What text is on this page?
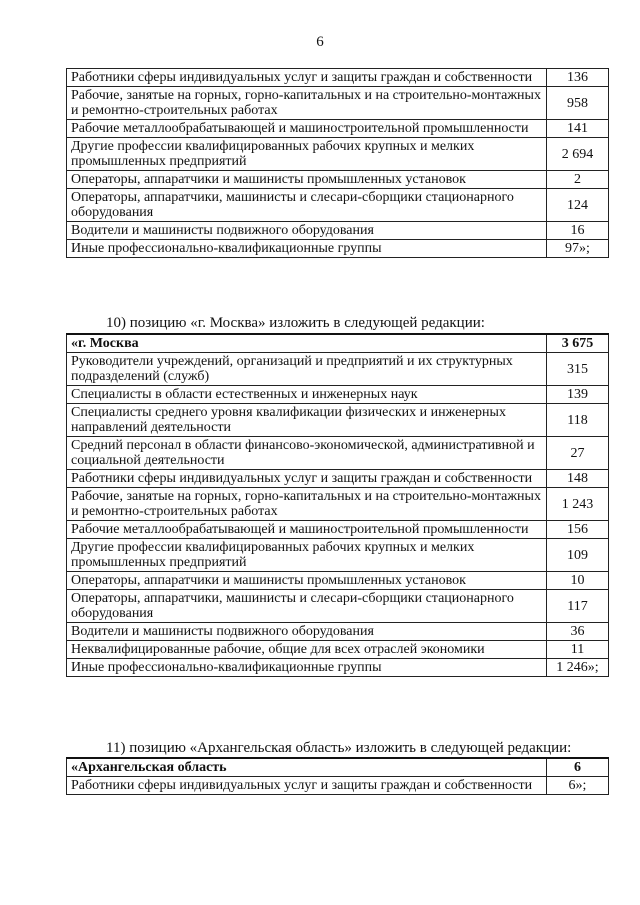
6
Работники сферы индивидуальных услуг и защиты граждан и собственности	136
Рабочие, занятые на горных, горно-капитальных и на строительно-монтажных и ремонтно-строительных работах	958
Рабочие металлообрабатывающей и машиностроительной промышленности	141
Другие профессии квалифицированных рабочих крупных и мелких промышленных предприятий	2 694
Операторы, аппаратчики и машинисты промышленных установок	2
Операторы, аппаратчики, машинисты и слесари-сборщики стационарного оборудования	124
Водители и машинисты подвижного оборудования	16
Иные профессионально-квалификационные группы	97»;
10) позицию «г. Москва» изложить в следующей редакции:
«г. Москва	3 675
Руководители учреждений, организаций и предприятий и их структурных подразделений (служб)	315
Специалисты в области естественных и инженерных наук	139
Специалисты среднего уровня квалификации физических и инженерных направлений деятельности	118
Средний персонал в области финансово-экономической, административной и социальной деятельности	27
Работники сферы индивидуальных услуг и защиты граждан и собственности	148
Рабочие, занятые на горных, горно-капитальных и на строительно-монтажных и ремонтно-строительных работах	1 243
Рабочие металлообрабатывающей и машиностроительной промышленности	156
Другие профессии квалифицированных рабочих крупных и мелких промышленных предприятий	109
Операторы, аппаратчики и машинисты промышленных установок	10
Операторы, аппаратчики, машинисты и слесари-сборщики стационарного оборудования	117
Водители и машинисты подвижного оборудования	36
Неквалифицированные рабочие, общие для всех отраслей экономики	11
Иные профессионально-квалификационные группы	1 246»;
11) позицию «Архангельская область» изложить в следующей редакции:
«Архангельская область	6
Работники сферы индивидуальных услуг и защиты граждан и собственности	6»;
